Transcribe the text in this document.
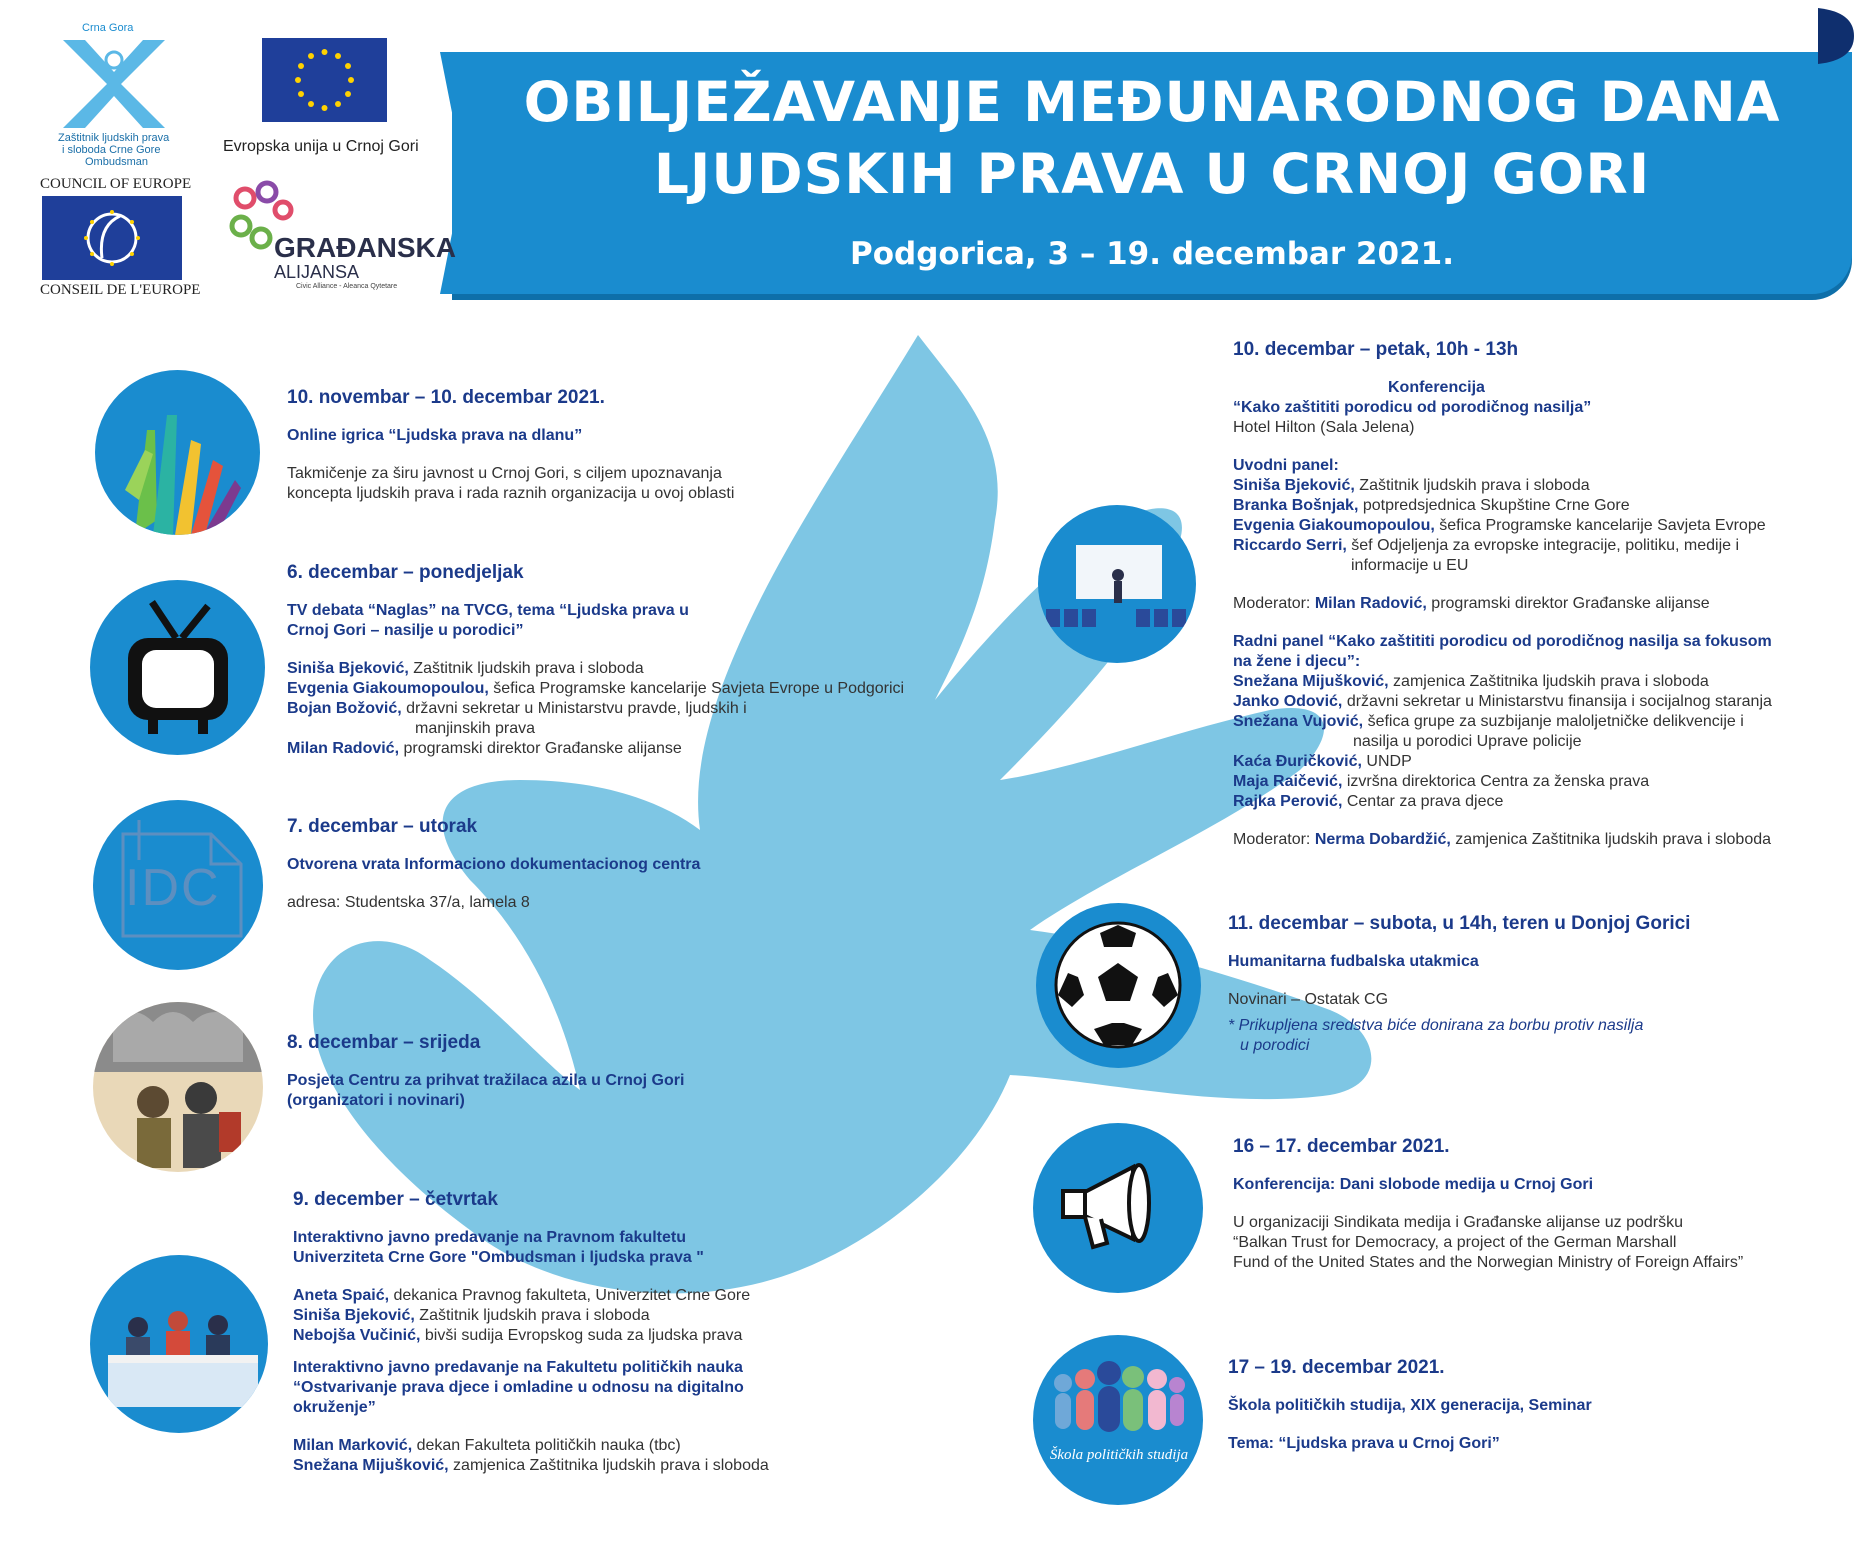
OBILJEŽAVANJE MEĐUNARODNOG DANA
LJUDSKIH PRAVA U CRNOJ GORI
Podgorica, 3 – 19. decembar 2021.
Crna Gora
Zaštitnik ljudskih prava
i sloboda Crne Gore
Ombudsman
Evropska unija u Crnoj Gori
COUNCIL OF EUROPE
CONSEIL DE L'EUROPE
GRAĐANSKA
ALIJANSA
Civic Alliance - Aleanca Qytetare
IDC
Škola političkih studija
10. novembar – 10. decembar 2021.
Online igrica “Ljudska prava na dlanu”
Takmičenje za širu javnost u Crnoj Gori, s ciljem upoznavanja
koncepta ljudskih prava i rada raznih organizacija u ovoj oblasti
6. decembar – ponedjeljak
TV debata “Naglas” na TVCG, tema “Ljudska prava u
Crnoj Gori – nasilje u porodici”
Siniša Bjeković, Zaštitnik ljudskih prava i sloboda
Evgenia Giakoumopoulou, šefica Programske kancelarije Savjeta Evrope u Podgorici
Bojan Božović, državni sekretar u Ministarstvu pravde, ljudskih i
manjinskih prava
Milan Radović, programski direktor Građanske alijanse
7. decembar – utorak
Otvorena vrata Informaciono dokumentacionog centra
adresa: Studentska 37/a, lamela 8
8. decembar – srijeda
Posjeta Centru za prihvat tražilaca azila u Crnoj Gori
(organizatori i novinari)
9. december – četvrtak
Interaktivno javno predavanje na Pravnom fakultetu
Univerziteta Crne Gore "Ombudsman i ljudska prava "
Aneta Spaić, dekanica Pravnog fakulteta, Univerzitet Crne Gore
Siniša Bjeković, Zaštitnik ljudskih prava i sloboda
Nebojša Vučinić, bivši sudija Evropskog suda za ljudska prava
Interaktivno javno predavanje na Fakultetu političkih nauka
“Ostvarivanje prava djece i omladine u odnosu na digitalno
okruženje”
Milan Marković, dekan Fakulteta političkih nauka (tbc)
Snežana Mijušković, zamjenica Zaštitnika ljudskih prava i sloboda
10. decembar – petak, 10h - 13h
Konferencija
“Kako zaštititi porodicu od porodičnog nasilja”
Hotel Hilton (Sala Jelena)
Uvodni panel:
Siniša Bjeković, Zaštitnik ljudskih prava i sloboda
Branka Bošnjak, potpredsjednica Skupštine Crne Gore
Evgenia Giakoumopoulou, šefica Programske kancelarije Savjeta Evrope
Riccardo Serri, šef Odjeljenja za evropske integracije, politiku, medije i
informacije u EU
Moderator: Milan Radović, programski direktor Građanske alijanse
Radni panel “Kako zaštititi porodicu od porodičnog nasilja sa fokusom
na žene i djecu”:
Snežana Mijušković, zamjenica Zaštitnika ljudskih prava i sloboda
Janko Odović, državni sekretar u Ministarstvu finansija i socijalnog staranja
Snežana Vujović, šefica grupe za suzbijanje maloljetničke delikvencije i
nasilja u porodici Uprave policije
Kaća Đuričković, UNDP
Maja Raičević, izvršna direktorica Centra za ženska prava
Rajka Perović, Centar za prava djece
Moderator: Nerma Dobardžić, zamjenica Zaštitnika ljudskih prava i sloboda
11. decembar – subota, u 14h, teren u Donjoj Gorici
Humanitarna fudbalska utakmica
Novinari – Ostatak CG
* Prikupljena sredstva biće donirana za borbu protiv nasilja
u porodici
16 – 17. decembar 2021.
Konferencija: Dani slobode medija u Crnoj Gori
U organizaciji Sindikata medija i Građanske alijanse uz podršku
“Balkan Trust for Democracy, a project of the German Marshall
Fund of the United States and the Norwegian Ministry of Foreign Affairs”
17 – 19. decembar 2021.
Škola političkih studija, XIX generacija, Seminar
Tema: “Ljudska prava u Crnoj Gori”
